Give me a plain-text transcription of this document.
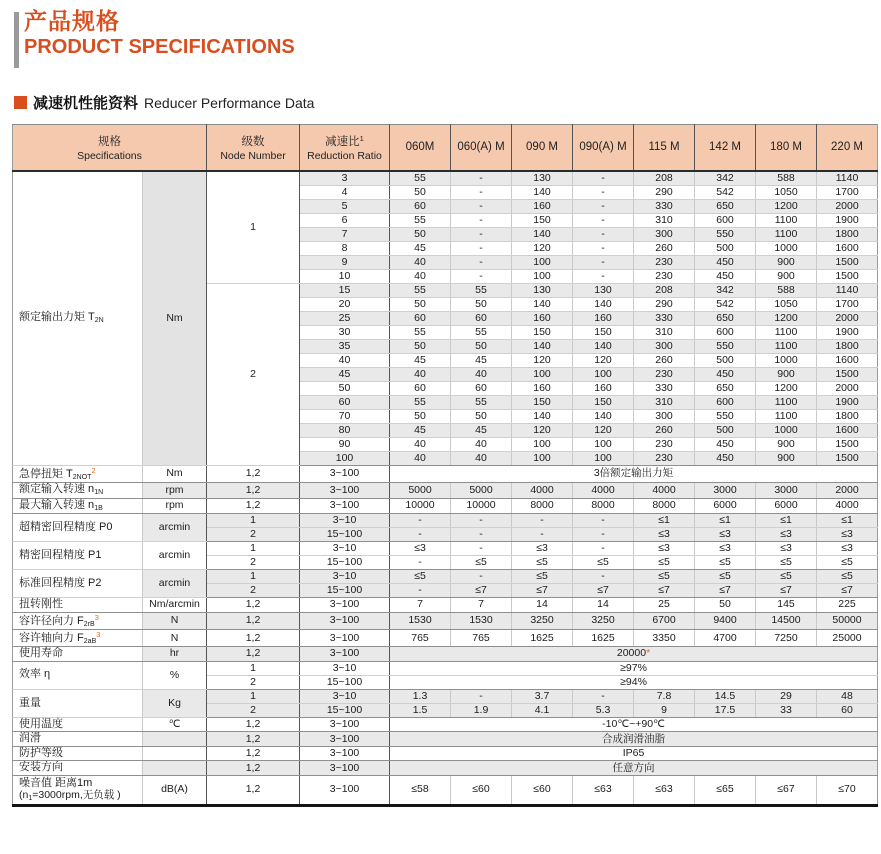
产品规格
PRODUCT SPECIFICATIONS
减速机性能资料 Reducer Performance Data
规格
Specifications		级数
Node Number	减速比$^1$
Reduction Ratio	060M	060(A) M	090 M	090(A) M	115 M	142 M	180 M	220 M
额定输出力矩 $T_{2N}$	Nm	1	3	55	-	130	-	208	342	588	1140
			4	50	-	140	-	290	542	1050	1700
			5	60	-	160	-	330	650	1200	2000
			6	55	-	150	-	310	600	1100	1900
			7	50	-	140	-	300	550	1100	1800
			8	45	-	120	-	260	500	1000	1600
			9	40	-	100	-	230	450	900	1500
			10	40	-	100	-	230	450	900	1500
		2	15	55	55	130	130	208	342	588	1140
			20	50	50	140	140	290	542	1050	1700
			25	60	60	160	160	330	650	1200	2000
			30	55	55	150	150	310	600	1100	1900
			35	50	50	140	140	300	550	1100	1800
			40	45	45	120	120	260	500	1000	1600
			45	40	40	100	100	230	450	900	1500
			50	60	60	160	160	330	650	1200	2000
			60	55	55	150	150	310	600	1100	1900
			70	50	50	140	140	300	550	1100	1800
			80	45	45	120	120	260	500	1000	1600
			90	40	40	100	100	230	450	900	1500
			100	40	40	100	100	230	450	900	1500
急停扭矩 $T_{2NOT}^2$	Nm	1,2	3~100	3倍额定输出力矩							
额定输入转速 $n_{1N}$	rpm	1,2	3~100	5000	5000	4000	4000	4000	3000	3000	2000
最大输入转速 $n_{1B}$	rpm	1,2	3~100	10000	10000	8000	8000	8000	6000	6000	4000
超精密回程精度 P0	arcmin	1	3~10	-	-	-	-	≤1	≤1	≤1	≤1
		2	15~100	-	-	-	-	≤3	≤3	≤3	≤3
精密回程精度 P1	arcmin	1	3~10	≤3	-	≤3	-	≤3	≤3	≤3	≤3
		2	15~100	-	≤5	≤5	≤5	≤5	≤5	≤5	≤5
标准回程精度 P2	arcmin	1	3~10	≤5	-	≤5	-	≤5	≤5	≤5	≤5
		2	15~100	-	≤7	≤7	≤7	≤7	≤7	≤7	≤7
扭转刚性	Nm/arcmin	1,2	3~100	7	7	14	14	25	50	145	225
容许径向力 $F_{2rB}^3$	N	1,2	3~100	1530	1530	3250	3250	6700	9400	14500	50000
容许轴向力 $F_{2aB}^3$	N	1,2	3~100	765	765	1625	1625	3350	4700	7250	25000
使用寿命	hr	1,2	3~100	20000*							
效率 η	%	1	3~10	≥97%							
		2	15~100	≥94%							
重量	Kg	1	3~10	1.3	-	3.7	-	7.8	14.5	29	48
		2	15~100	1.5	1.9	4.1	5.3	9	17.5	33	60
使用温度	℃	1,2	3~100	-10℃~+90℃							
润滑		1,2	3~100	合成润滑油脂							
防护等级		1,2	3~100	IP65							
安装方向		1,2	3~100	任意方向							
噪音值 距离1m
($n_1=3000rpm$,无负载 )	dB(A)	1,2	3~100	≤58	≤60	≤60	≤63	≤63	≤65	≤67	≤70
